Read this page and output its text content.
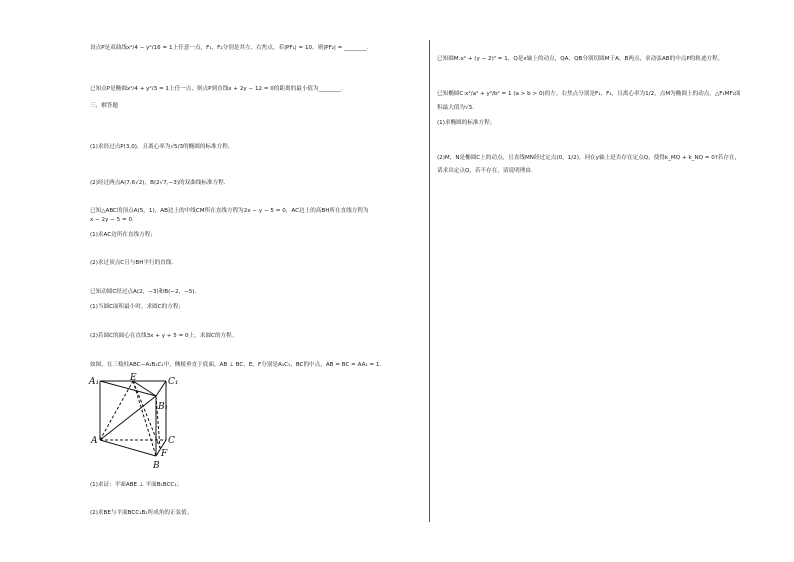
设点P是双曲线x²/4 − y²/16 = 1上任意一点，F₁，F₂分别是其左、右焦点，若|PF₁| = 10，则|PF₂| = ________.
已知点P是椭圆x²/4 + y²/3 = 1上任一点，则点P到直线x + 2y − 12 = 0的距离的最小值为________.
三、解答题
(1)求经过点P(3,0)，且离心率为√5/3的椭圆的标准方程。
(2)经过两点A(7,6√2)，B(2√7,−3)的双曲线标准方程.
已知△ABC的顶点A(5，1)，AB边上的中线CM所在直线方程为2x − y − 5 = 0，AC边上的高BH所在直线方程为
x − 2y − 5 = 0.
(1)求AC边所在直线方程；
(2)求过顶点C且与BH平行的直线.
已知动圆C经过点A(2，−3)和B(−2，−5).
(1)当圆C面积最小时，求圆C的方程；
(2)若圆C的圆心在直线3x + y + 5 = 0上，求圆C的方程。
如图，在三棱柱ABC−A₁B₁C₁中，侧棱垂直于底面，AB ⊥ BC，E，F分别是A₁C₁，BC的中点，AB = BC = AA₁ = 1.
A₁	E	C₁
B₁
A	C
F
B
(1)求证：平面ABE ⊥ 平面B₁BCC₁；
(2)求BE与平面BCC₁B₁所成角的正弦值。
已知圆M:x² + (y − 2)² = 1，Q是x轴上的动点，QA，QB分别切圆M于A，B两点，求动弦AB的中点P的轨迹方程。
已知椭圆C:x²/a² + y²/b² = 1 (a > b > 0)的左、右焦点分别是F₁，F₂，且离心率为1/2，点M为椭圆上的动点，△F₁MF₂面
积最大值为√3.
(1)求椭圆的标准方程；
(2)M，N是椭圆C上的动点，且直线MN经过定点(0，1/2)，问在y轴上是否存在定点Q，使得k_MQ + k_NQ = 0?若存在，
请求出定点Q，若不存在，请说明理由.
